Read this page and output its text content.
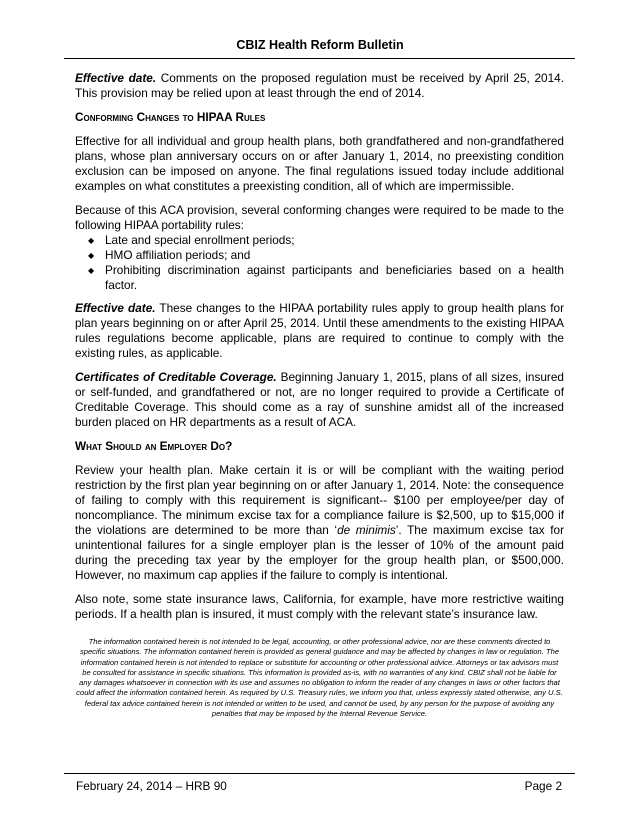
CBIZ Health Reform Bulletin

Effective date. Comments on the proposed regulation must be received by April 25, 2014. This provision may be relied upon at least through the end of 2014.

Conforming Changes to HIPAA Rules

Effective for all individual and group health plans, both grandfathered and non-grandfathered plans, whose plan anniversary occurs on or after January 1, 2014, no preexisting condition exclusion can be imposed on anyone. The final regulations issued today include additional examples on what constitutes a preexisting condition, all of which are impermissible.

Because of this ACA provision, several conforming changes were required to be made to the following HIPAA portability rules:

◆ Late and special enrollment periods;
◆ HMO affiliation periods; and
◆ Prohibiting discrimination against participants and beneficiaries based on a health factor.

Effective date. These changes to the HIPAA portability rules apply to group health plans for plan years beginning on or after April 25, 2014. Until these amendments to the existing HIPAA rules regulations become applicable, plans are required to continue to comply with the existing rules, as applicable.

Certificates of Creditable Coverage. Beginning January 1, 2015, plans of all sizes, insured or self-funded, and grandfathered or not, are no longer required to provide a Certificate of Creditable Coverage. This should come as a ray of sunshine amidst all of the increased burden placed on HR departments as a result of ACA.

What Should an Employer Do?

Review your health plan. Make certain it is or will be compliant with the waiting period restriction by the first plan year beginning on or after January 1, 2014. Note: the consequence of failing to comply with this requirement is significant-- $100 per employee/per day of noncompliance. The minimum excise tax for a compliance failure is $2,500, up to $15,000 if the violations are determined to be more than ‘de minimis’. The maximum excise tax for unintentional failures for a single employer plan is the lesser of 10% of the amount paid during the preceding tax year by the employer for the group health plan, or $500,000. However, no maximum cap applies if the failure to comply is intentional.

Also note, some state insurance laws, California, for example, have more restrictive waiting periods. If a health plan is insured, it must comply with the relevant state’s insurance law.

The information contained herein is not intended to be legal, accounting, or other professional advice, nor are these comments directed to specific situations. The information contained herein is provided as general guidance and may be affected by changes in law or regulation. The information contained herein is not intended to replace or substitute for accounting or other professional advice. Attorneys or tax advisors must be consulted for assistance in specific situations. This information is provided as-is, with no warranties of any kind. CBIZ shall not be liable for any damages whatsoever in connection with its use and assumes no obligation to inform the reader of any changes in laws or other factors that could affect the information contained herein. As required by U.S. Treasury rules, we inform you that, unless expressly stated otherwise, any U.S. federal tax advice contained herein is not intended or written to be used, and cannot be used, by any person for the purpose of avoiding any penalties that may be imposed by the Internal Revenue Service.
February 24, 2014 – HRB 90	Page 2
